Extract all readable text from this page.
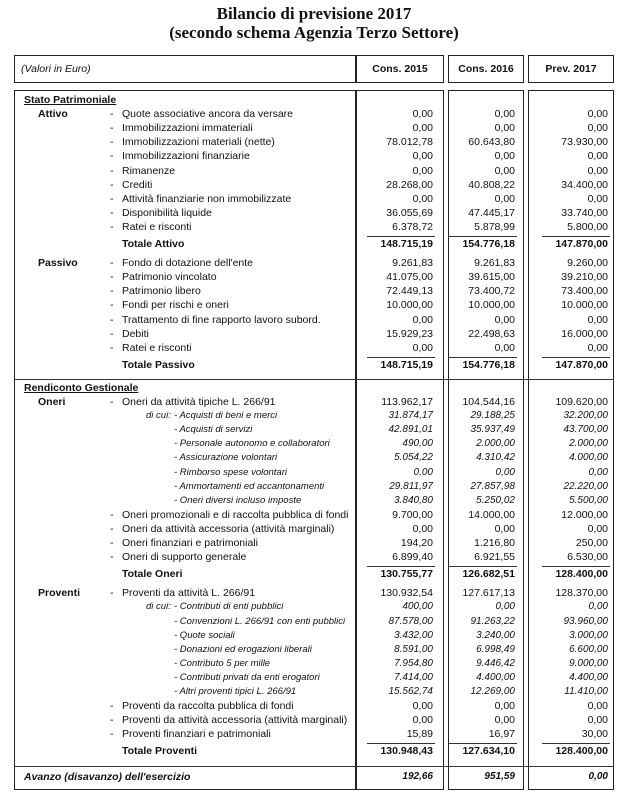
Bilancio di previsione 2017
(secondo schema Agenzia Terzo Settore)
(Valori in Euro)	Cons. 2015	Cons. 2016	Prev. 2017
Stato Patrimoniale
Attivo	- Quote associative ancora da versare	0,00	0,00	0,00
- Immobilizzazioni immateriali	0,00	0,00	0,00
- Immobilizzazioni materiali (nette)	78.012,78	60.643,80	73.930,00
- Immobilizzazioni finanziarie	0,00	0,00	0,00
- Rimanenze	0,00	0,00	0,00
- Crediti	28.268,00	40.808,22	34.400,00
- Attività finanziarie non immobilizzate	0,00	0,00	0,00
- Disponibilità liquide	36.055,69	47.445,17	33.740,00
- Ratei e risconti	6.378,72	5.878,99	5.800,00
Totale Attivo	148.715,19	154.776,18	147.870,00
Passivo	- Fondo di dotazione dell'ente	9.261,83	9.261,83	9.260,00
- Patrimonio vincolato	41.075,00	39.615,00	39.210,00
- Patrimonio libero	72.449,13	73.400,72	73.400,00
- Fondi per rischi e oneri	10.000,00	10.000,00	10.000,00
- Trattamento di fine rapporto lavoro subord.	0,00	0,00	0,00
- Debiti	15.929,23	22.498,63	16.000,00
- Ratei e risconti	0,00	0,00	0,00
Totale Passivo	148.715,19	154.776,18	147.870,00
Rendiconto Gestionale
Oneri	- Oneri da attività tipiche L. 266/91	113.962,17	104.544,16	109.620,00
di cui: - Acquisti di beni e merci	31.874,17	29.188,25	32.200,00
- Acquisti di servizi	42.891,01	35.937,49	43.700,00
- Personale autonomo e collaboratori	490,00	2.000,00	2.000,00
- Assicurazione volontari	5.054,22	4.310,42	4.000,00
- Rimborso spese volontari	0,00	0,00	0,00
- Ammortamenti ed accantonamenti	29.811,97	27.857,98	22.220,00
- Oneri diversi incluso imposte	3.840,80	5.250,02	5.500,00
- Oneri promozionali e di raccolta pubblica di fondi	9.700,00	14.000,00	12.000,00
- Oneri da attività accessoria (attività marginali)	0,00	0,00	0,00
- Oneri finanziari e patrimoniali	194,20	1.216,80	250,00
- Oneri di supporto generale	6.899,40	6.921,55	6.530,00
Totale Oneri	130.755,77	126.682,51	128.400,00
Proventi	- Proventi da attività L. 266/91	130.932,54	127.617,13	128.370,00
di cui: - Contributi di enti pubblici	400,00	0,00	0,00
- Convenzioni L. 266/91 con enti pubblici	87.578,00	91.263,22	93.960,00
- Quote sociali	3.432,00	3.240,00	3.000,00
- Donazioni ed erogazioni liberali	8.591,00	6.998,49	6.600,00
- Contributo 5 per mille	7.954,80	9.446,42	9.000,00
- Contributi privati da enti erogatori	7.414,00	4.400,00	4.400,00
- Altri proventi tipici L. 266/91	15.562,74	12.269,00	11.410,00
- Proventi da raccolta pubblica di fondi	0,00	0,00	0,00
- Proventi da attività accessoria (attività marginali)	0,00	0,00	0,00
- Proventi finanziari e patrimoniali	15,89	16,97	30,00
Totale Proventi	130.948,43	127.634,10	128.400,00
Avanzo (disavanzo) dell'esercizio	192,66	951,59	0,00
